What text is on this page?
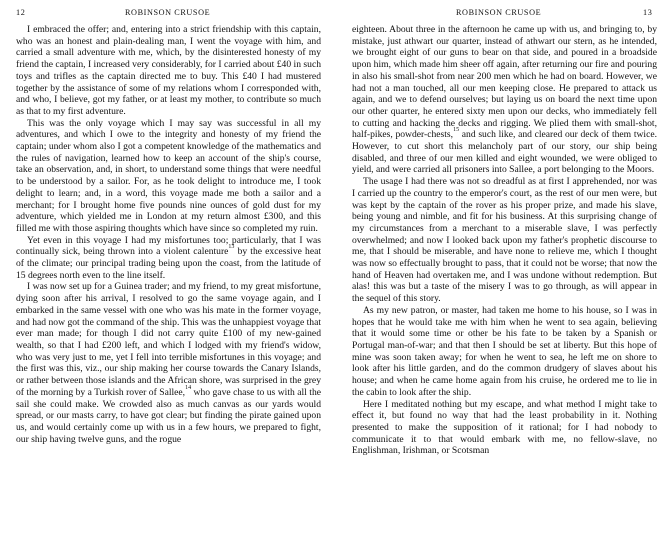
12	ROBINSON CRUSOE

I embraced the offer; and, entering into a strict friendship with this captain, who was an honest and plain-dealing man, I went the voyage with him, and carried a small adventure with me, which, by the disinterested honesty of my friend the captain, I increased very considerably, for I carried about £40 in such toys and trifles as the captain directed me to buy. This £40 I had mustered together by the assistance of some of my relations whom I corresponded with, and who, I believe, got my father, or at least my mother, to contribute so much as that to my first adventure.

This was the only voyage which I may say was successful in all my adventures, and which I owe to the integrity and honesty of my friend the captain; under whom also I got a competent knowledge of the mathematics and the rules of navigation, learned how to keep an account of the ship's course, take an observation, and, in short, to understand some things that were needful to be understood by a sailor. For, as he took delight to introduce me, I took delight to learn; and, in a word, this voyage made me both a sailor and a merchant; for I brought home five pounds nine ounces of gold dust for my adventure, which yielded me in London at my return almost £300, and this filled me with those aspiring thoughts which have since so completed my ruin.

Yet even in this voyage I had my misfortunes too; particularly, that I was continually sick, being thrown into a violent calenture$^{13}$ by the excessive heat of the climate; our principal trading being upon the coast, from the latitude of 15 degrees north even to the line itself.

I was now set up for a Guinea trader; and my friend, to my great misfortune, dying soon after his arrival, I resolved to go the same voyage again, and I embarked in the same vessel with one who was his mate in the former voyage, and had now got the command of the ship. This was the unhappiest voyage that ever man made; for though I did not carry quite £100 of my new-gained wealth, so that I had £200 left, and which I lodged with my friend's widow, who was very just to me, yet I fell into terrible misfortunes in this voyage; and the first was this, viz., our ship making her course towards the Canary Islands, or rather between those islands and the African shore, was surprised in the grey of the morning by a Turkish rover of Sallee,$^{14}$ who gave chase to us with all the sail she could make. We crowded also as much canvas as our yards would spread, or our masts carry, to have got clear; but finding the pirate gained upon us, and would certainly come up with us in a few hours, we prepared to fight, our ship having twelve guns, and the rogue

ROBINSON CRUSOE	13

eighteen. About three in the afternoon he came up with us, and bringing to, by mistake, just athwart our quarter, instead of athwart our stern, as he intended, we brought eight of our guns to bear on that side, and poured in a broadside upon him, which made him sheer off again, after returning our fire and pouring in also his small-shot from near 200 men which he had on board. However, we had not a man touched, all our men keeping close. He prepared to attack us again, and we to defend ourselves; but laying us on board the next time upon our other quarter, he entered sixty men upon our decks, who immediately fell to cutting and hacking the decks and rigging. We plied them with small-shot, half-pikes, powder-chests,$^{15}$ and such like, and cleared our deck of them twice. However, to cut short this melancholy part of our story, our ship being disabled, and three of our men killed and eight wounded, we were obliged to yield, and were carried all prisoners into Sallee, a port belonging to the Moors.

The usage I had there was not so dreadful as at first I apprehended, nor was I carried up the country to the emperor's court, as the rest of our men were, but was kept by the captain of the rover as his proper prize, and made his slave, being young and nimble, and fit for his business. At this surprising change of my circumstances from a merchant to a miserable slave, I was perfectly overwhelmed; and now I looked back upon my father's prophetic discourse to me, that I should be miserable, and have none to relieve me, which I thought was now so effectually brought to pass, that it could not be worse; that now the hand of Heaven had overtaken me, and I was undone without redemption. But alas! this was but a taste of the misery I was to go through, as will appear in the sequel of this story.

As my new patron, or master, had taken me home to his house, so I was in hopes that he would take me with him when he went to sea again, believing that it would some time or other be his fate to be taken by a Spanish or Portugal man-of-war; and that then I should be set at liberty. But this hope of mine was soon taken away; for when he went to sea, he left me on shore to look after his little garden, and do the common drudgery of slaves about his house; and when he came home again from his cruise, he ordered me to lie in the cabin to look after the ship.

Here I meditated nothing but my escape, and what method I might take to effect it, but found no way that had the least probability in it. Nothing presented to make the supposition of it rational; for I had nobody to communicate it to that would embark with me, no fellow-slave, no Englishman, Irishman, or Scotsman
